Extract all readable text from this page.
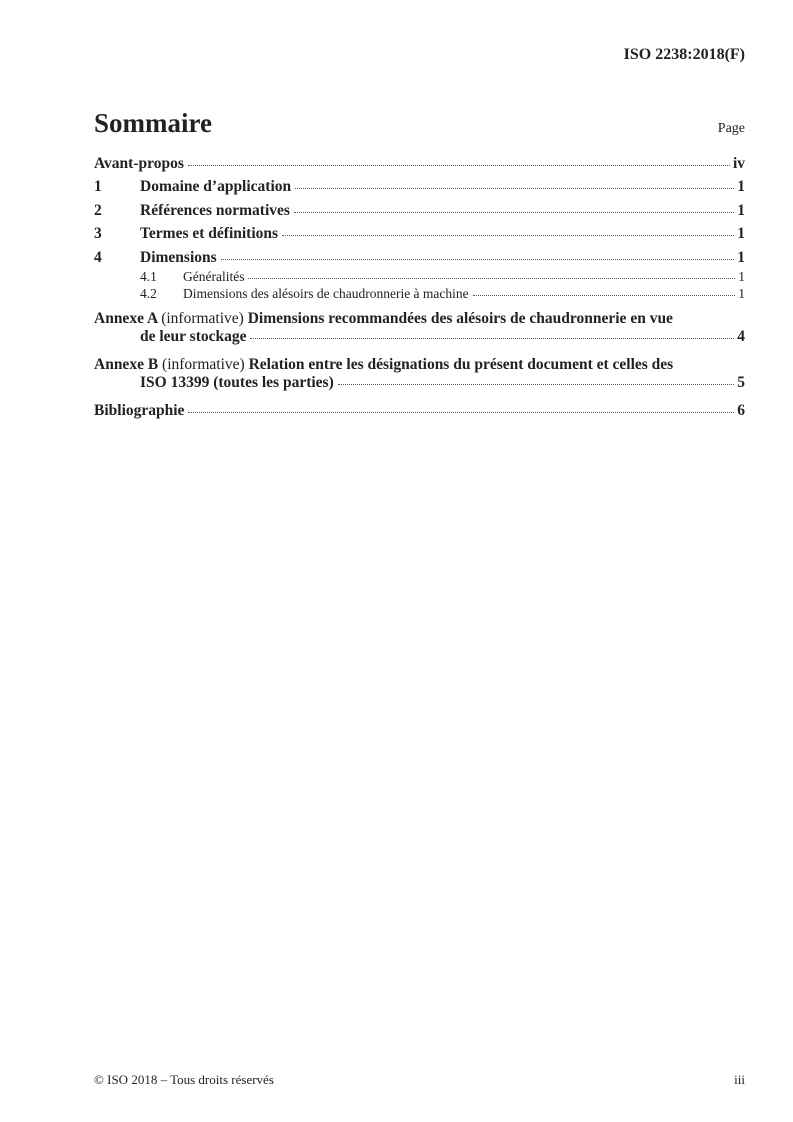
ISO 2238:2018(F)
Sommaire	Page
Avant-propos	iv
1	Domaine d’application	1
2	Références normatives	1
3	Termes et définitions	1
4	Dimensions	1
4.1	Généralités	1
4.2	Dimensions des alésoirs de chaudronnerie à machine	1
Annexe A (informative) Dimensions recommandées des alésoirs de chaudronnerie en vue
de leur stockage	4
Annexe B (informative) Relation entre les désignations du présent document et celles des
ISO 13399 (toutes les parties)	5
Bibliographie	6
© ISO 2018 – Tous droits réservés	iii
